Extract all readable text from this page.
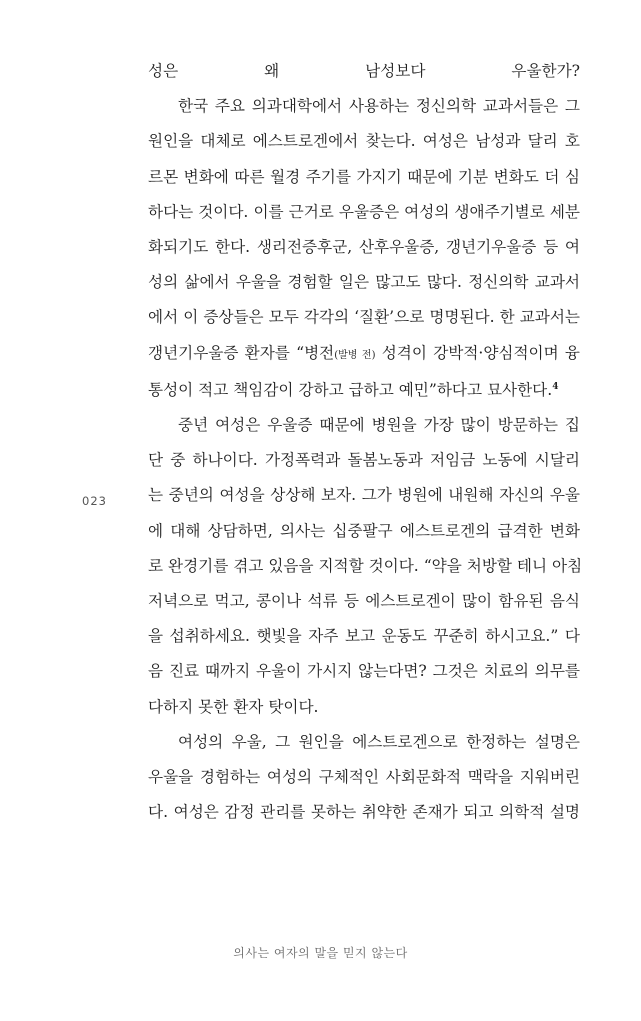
성은 왜 남성보다 우울한가?
한국 주요 의과대학에서 사용하는 정신의학 교과서들은 그
원인을 대체로 에스트로겐에서 찾는다. 여성은 남성과 달리 호
르몬 변화에 따른 월경 주기를 가지기 때문에 기분 변화도 더 심
하다는 것이다. 이를 근거로 우울증은 여성의 생애주기별로 세분
화되기도 한다. 생리전증후군, 산후우울증, 갱년기우울증 등 여
성의 삶에서 우울을 경험할 일은 많고도 많다. 정신의학 교과서
에서 이 증상들은 모두 각각의 ‘질환’으로 명명된다. 한 교과서는
갱년기우울증 환자를 “병전(발병 전) 성격이 강박적·양심적이며 융
통성이 적고 책임감이 강하고 급하고 예민”하다고 묘사한다.$^4$
중년 여성은 우울증 때문에 병원을 가장 많이 방문하는 집
단 중 하나이다. 가정폭력과 돌봄노동과 저임금 노동에 시달리
는 중년의 여성을 상상해 보자. 그가 병원에 내원해 자신의 우울
에 대해 상담하면, 의사는 십중팔구 에스트로겐의 급격한 변화
로 완경기를 겪고 있음을 지적할 것이다. “약을 처방할 테니 아침
저녁으로 먹고, 콩이나 석류 등 에스트로겐이 많이 함유된 음식
을 섭취하세요. 햇빛을 자주 보고 운동도 꾸준히 하시고요.” 다
음 진료 때까지 우울이 가시지 않는다면? 그것은 치료의 의무를
다하지 못한 환자 탓이다.
여성의 우울, 그 원인을 에스트로겐으로 한정하는 설명은
우울을 경험하는 여성의 구체적인 사회문화적 맥락을 지워버린
다. 여성은 감정 관리를 못하는 취약한 존재가 되고 의학적 설명
023
의사는 여자의 말을 믿지 않는다
